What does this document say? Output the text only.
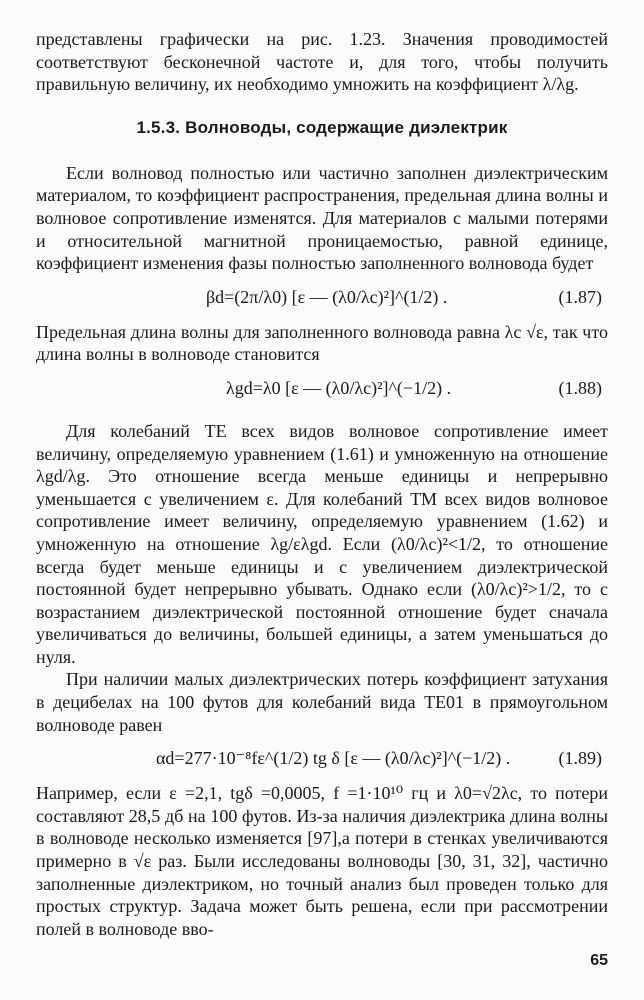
представлены графически на рис. 1.23. Значения проводимостей соответствуют бесконечной частоте и, для того, чтобы получить правильную величину, их необходимо умножить на коэффициент λ/λg.

1.5.3. Волноводы, содержащие диэлектрик

Если волновод полностью или частично заполнен диэлектрическим материалом, то коэффициент распространения, предельная длина волны и волновое сопротивление изменятся. Для материалов с малыми потерями и относительной магнитной проницаемостью, равной единице, коэффициент изменения фазы полностью заполненного волновода будет

βd=(2π/λ0) [ε — (λ0/λc)²]^(1/2) .	(1.87)

Предельная длина волны для заполненного волновода равна λc √ε, так что длина волны в волноводе становится

λgd=λ0 [ε — (λ0/λc)²]^(−1/2) .	(1.88)

Для колебаний ТЕ всех видов волновое сопротивление имеет величину, определяемую уравнением (1.61) и умноженную на отношение λgd/λg. Это отношение всегда меньше единицы и непрерывно уменьшается с увеличением ε. Для колебаний ТМ всех видов волновое сопротивление имеет величину, определяемую уравнением (1.62) и умноженную на отношение λg/ελgd. Если (λ0/λc)²<1/2, то отношение всегда будет меньше единицы и с увеличением диэлектрической постоянной будет непрерывно убывать. Однако если (λ0/λc)²>1/2, то с возрастанием диэлектрической постоянной отношение будет сначала увеличиваться до величины, большей единицы, а затем уменьшаться до нуля.

При наличии малых диэлектрических потерь коэффициент затухания в децибелах на 100 футов для колебаний вида TE01 в прямоугольном волноводе равен

αd=277·10⁻⁸fε^(1/2) tg δ [ε — (λ0/λc)²]^(−1/2) .	(1.89)

Например, если ε =2,1, tgδ =0,0005, f =1·10¹⁰ гц и λ0=√2λc, то потери составляют 28,5 дб на 100 футов. Из-за наличия диэлектрика длина волны в волноводе несколько изменяется [97],а потери в стенках увеличиваются примерно в √ε раз. Были исследованы волноводы [30, 31, 32], частично заполненные диэлектриком, но точный анализ был проведен только для простых структур. Задача может быть решена, если при рассмотрении полей в волноводе вво-

65
